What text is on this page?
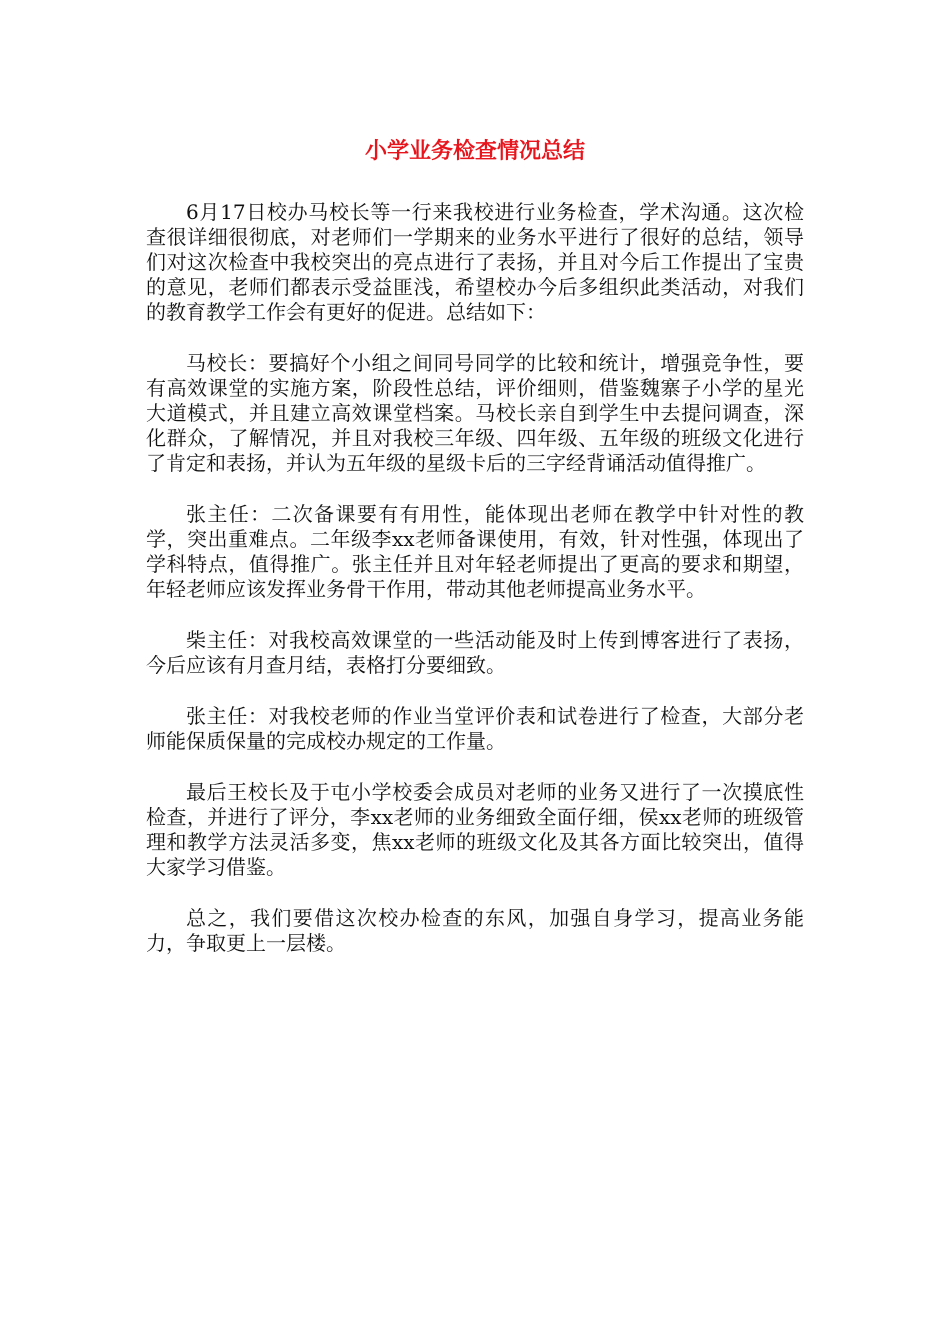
小学业务检查情况总结

6月17日校办马校长等一行来我校进行业务检查，学术沟通。这次检查很详细很彻底，对老师们一学期来的业务水平进行了很好的总结，领导们对这次检查中我校突出的亮点进行了表扬，并且对今后工作提出了宝贵的意见，老师们都表示受益匪浅，希望校办今后多组织此类活动，对我们的教育教学工作会有更好的促进。总结如下：

马校长：要搞好个小组之间同号同学的比较和统计，增强竞争性，要有高效课堂的实施方案，阶段性总结，评价细则，借鉴魏寨子小学的星光大道模式，并且建立高效课堂档案。马校长亲自到学生中去提问调查，深化群众，了解情况，并且对我校三年级、四年级、五年级的班级文化进行了肯定和表扬，并认为五年级的星级卡后的三字经背诵活动值得推广。

张主任：二次备课要有有用性，能体现出老师在教学中针对性的教学，突出重难点。二年级李xx老师备课使用，有效，针对性强，体现出了学科特点，值得推广。张主任并且对年轻老师提出了更高的要求和期望，年轻老师应该发挥业务骨干作用，带动其他老师提高业务水平。

柴主任：对我校高效课堂的一些活动能及时上传到博客进行了表扬，今后应该有月查月结，表格打分要细致。

张主任：对我校老师的作业当堂评价表和试卷进行了检查，大部分老师能保质保量的完成校办规定的工作量。

最后王校长及于屯小学校委会成员对老师的业务又进行了一次摸底性检查，并进行了评分，李xx老师的业务细致全面仔细，侯xx老师的班级管理和教学方法灵活多变，焦xx老师的班级文化及其各方面比较突出，值得大家学习借鉴。

总之，我们要借这次校办检查的东风，加强自身学习，提高业务能力，争取更上一层楼。
